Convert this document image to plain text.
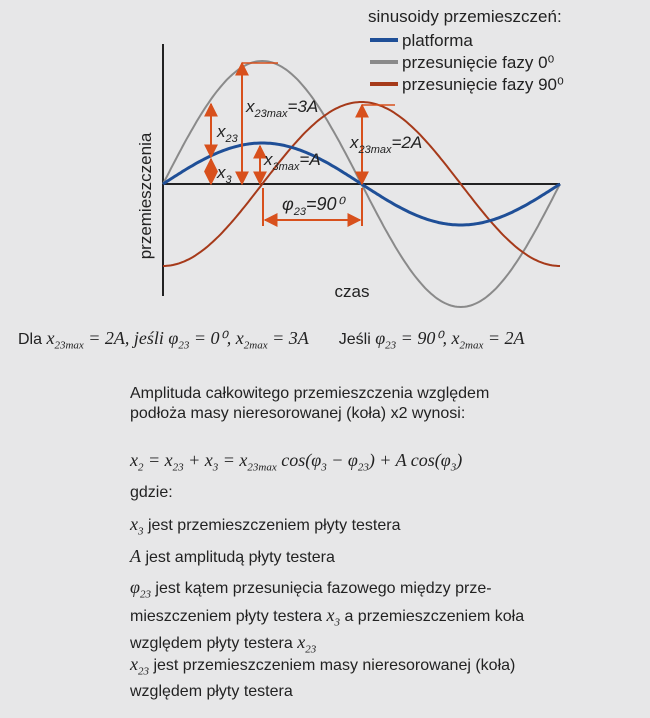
$x_{23}$
$x_3$
$x_{23max}=3A$
$x_{3max}=A$
$x_{23max}=2A$
$\varphi_{23}=90^0$
przemieszczenia
czas
sinusoidy przemieszczeń:
platforma
przesunięcie fazy 0⁰
przesunięcie fazy 90⁰
Dla $x_{23max} = 2A$, jeśli $\varphi_{23} = 0^0$, $x_{2max} = 3A$ Jeśli $\varphi_{23} = 90^0$, $x_{2max} = 2A$
Amplituda całkowitego przemieszczenia względem
podłoża masy nieresorowanej (koła) x2 wynosi:
$x_2 = x_{23} + x_3 = x_{23max}$ $\cos(\varphi_3 - \varphi_{23}) + A$ $\cos(\varphi_3)$
gdzie:
$x_3$ jest przemieszczeniem płyty testera
A jest amplitudą płyty testera
$\varphi_{23}$ jest kątem przesunięcia fazowego między prze-
mieszczeniem płyty testera $x_3$ a przemieszczeniem koła
względem płyty testera $x_{23}$
$x_{23}$ jest przemieszczeniem masy nieresorowanej (koła)
względem płyty testera
